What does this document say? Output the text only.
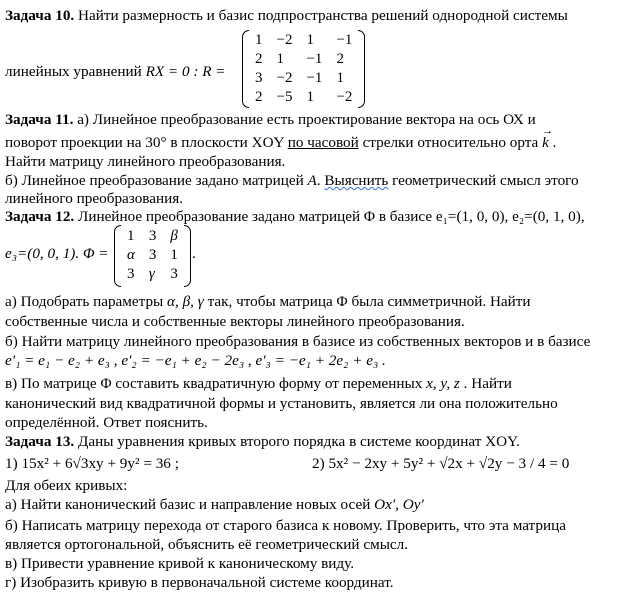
Задача 10. Найти размерность и базис подпространства решений однородной системы
линейных уравнений RX = 0 : R =
1	−2	1	−1
2	1	−1	2
3	−2	−1	1
2	−5	1	−2
Задача 11. а) Линейное преобразование есть проектирование вектора на ось ОХ и
поворот проекции на 30° в плоскости XOY по часовой стрелки относительно орта → k .
Найти матрицу линейного преобразования.
б) Линейное преобразование задано матрицей A. Выяснить геометрический смысл этого
линейного преобразования.
Задача 12. Линейное преобразование задано матрицей Φ в базисе e₁=(1, 0, 0), e₂=(0, 1, 0),
e₃=(0, 0, 1). Φ =
1	3	β
α	3	1
3	γ	3
.
а) Подобрать параметры α, β, γ так, чтобы матрица Φ была симметричной. Найти
собственные числа и собственные векторы линейного преобразования.
б) Найти матрицу линейного преобразования в базисе из собственных векторов и в базисе
e′₁ = e₁ − e₂ + e₃ , e′₂ = −e₁ + e₂ − 2e₃ , e′₃ = −e₁ + 2e₂ + e₃ .
в) По матрице Φ составить квадратичную форму от переменных x, y, z . Найти
канонический вид квадратичной формы и установить, является ли она положительно
определённой. Ответ пояснить.
Задача 13. Даны уравнения кривых второго порядка в системе координат XOY.
1) 15x² + 6√3xy + 9y² = 36 ;	2) 5x² − 2xy + 5y² + √2x + √2y − 3 / 4 = 0
Для обеих кривых:
а) Найти канонический базис и направление новых осей Ox′, Oy′
б) Написать матрицу перехода от старого базиса к новому. Проверить, что эта матрица
является ортогональной, объяснить её геометрический смысл.
в) Привести уравнение кривой к каноническому виду.
г) Изобразить кривую в первоначальной системе координат.
